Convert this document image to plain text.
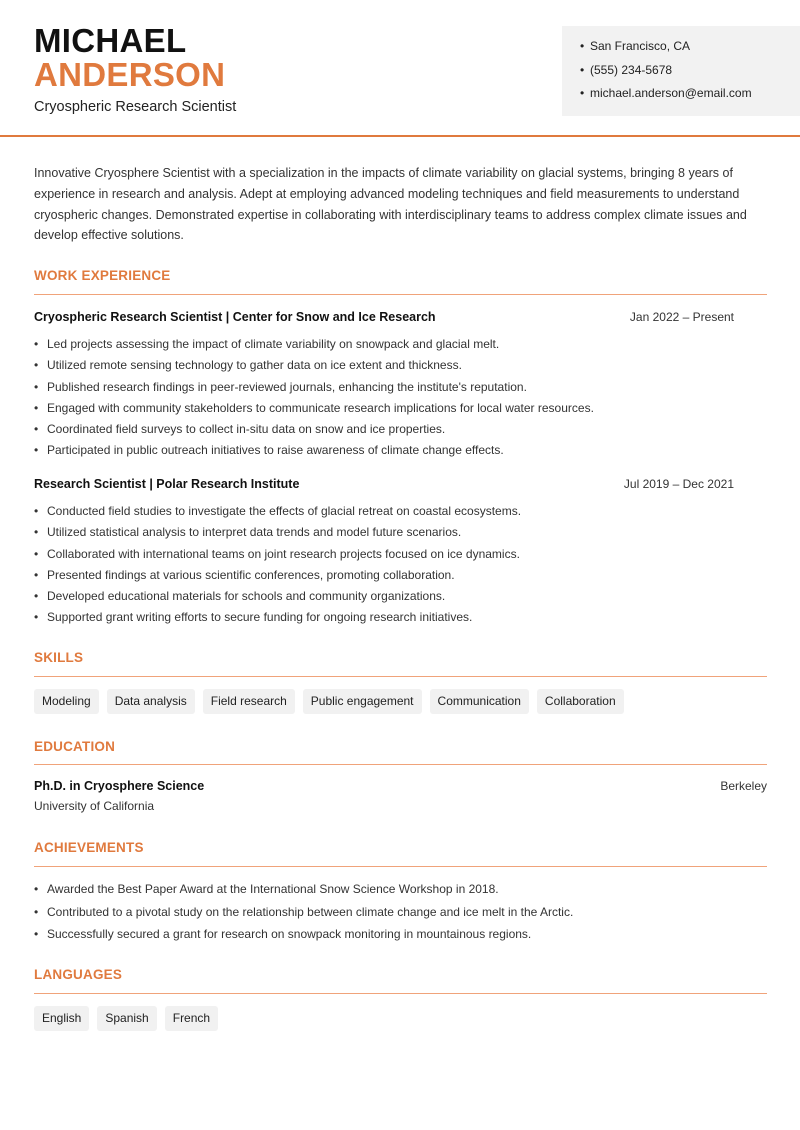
MICHAEL
ANDERSON
Cryospheric Research Scientist
• San Francisco, CA
• (555) 234-5678
• michael.anderson@email.com

Innovative Cryosphere Scientist with a specialization in the impacts of climate variability on glacial systems, bringing 8 years of experience in research and analysis. Adept at employing advanced modeling techniques and field measurements to understand cryospheric changes. Demonstrated expertise in collaborating with interdisciplinary teams to address complex climate issues and develop effective solutions.

WORK EXPERIENCE
Cryospheric Research Scientist | Center for Snow and Ice Research	Jan 2022 – Present
• Led projects assessing the impact of climate variability on snowpack and glacial melt.
• Utilized remote sensing technology to gather data on ice extent and thickness.
• Published research findings in peer-reviewed journals, enhancing the institute's reputation.
• Engaged with community stakeholders to communicate research implications for local water resources.
• Coordinated field surveys to collect in-situ data on snow and ice properties.
• Participated in public outreach initiatives to raise awareness of climate change effects.
Research Scientist | Polar Research Institute	Jul 2019 – Dec 2021
• Conducted field studies to investigate the effects of glacial retreat on coastal ecosystems.
• Utilized statistical analysis to interpret data trends and model future scenarios.
• Collaborated with international teams on joint research projects focused on ice dynamics.
• Presented findings at various scientific conferences, promoting collaboration.
• Developed educational materials for schools and community organizations.
• Supported grant writing efforts to secure funding for ongoing research initiatives.
SKILLS
Modeling	Data analysis	Field research	Public engagement	Communication	Collaboration
EDUCATION
Ph.D. in Cryosphere Science	Berkeley
University of California
ACHIEVEMENTS
• Awarded the Best Paper Award at the International Snow Science Workshop in 2018.
• Contributed to a pivotal study on the relationship between climate change and ice melt in the Arctic.
• Successfully secured a grant for research on snowpack monitoring in mountainous regions.
LANGUAGES
English	Spanish	French
